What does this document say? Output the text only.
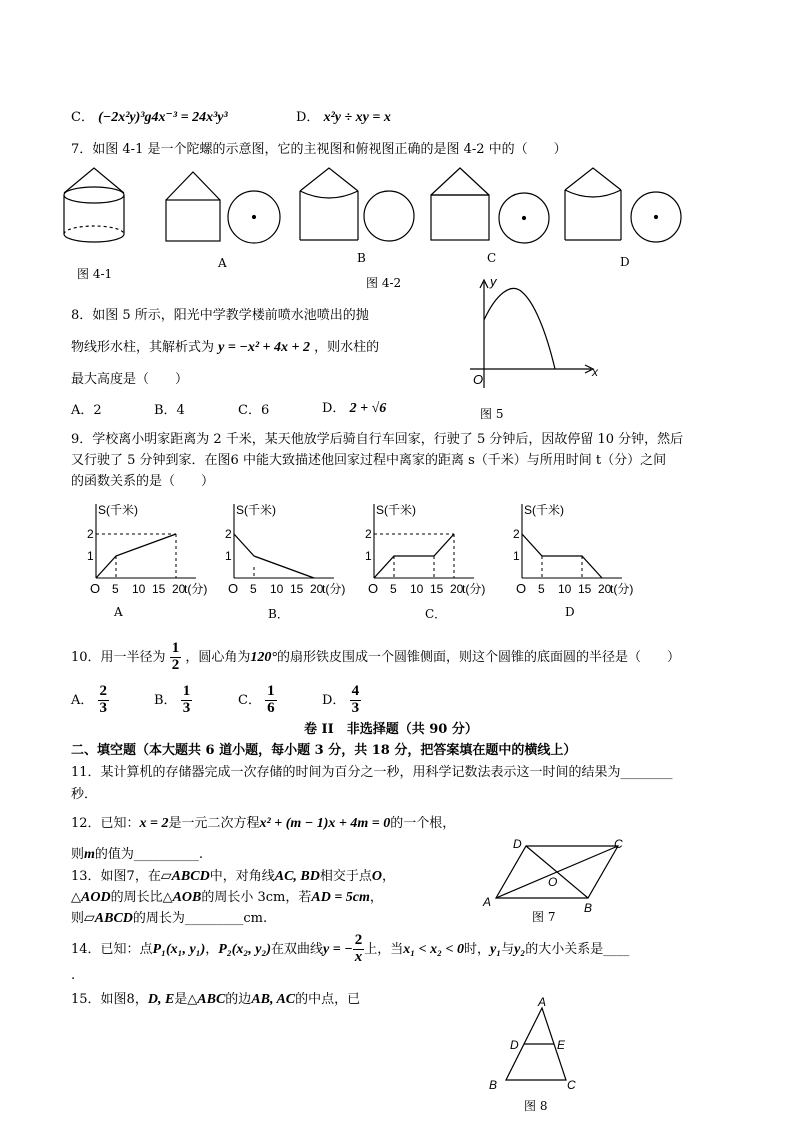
C． (−2x²y)³g4x⁻³ = 24x³y³	D． x²y ÷ xy = x
7．如图 4-1 是一个陀螺的示意图，它的主视图和俯视图正确的是图 4-2 中的（　　）
图 4-1
A	B	C	D
图 4-2
8．如图 5 所示，阳光中学教学楼前喷水池喷出的抛
物线形水柱，其解析式为 y = −x² + 4x + 2 ，则水柱的
最大高度是（　　）
A．2	B．4	C．6	D． 2 + √6
y
x
O
图 5
9．学校离小明家距离为 2 千米，某天他放学后骑自行车回家，行驶了 5 分钟后，因故停留 10 分钟，然后
又行驶了 5 分钟到家．在图6 中能大致描述他回家过程中离家的距离 s（千米）与所用时间 t（分）之间
的函数关系的是（　　）
S(千米)
2
1
O 5 10 15 20
t(分)
S(千米)
2
1
O 5 10 15 20
t(分)
S(千米)
2
1
O 5 10 15 20
t(分)
S(千米)
2
1
O 5 10 15 20
t(分)
A	B．	C．	D
10．用一半径为 $\frac{1}{2}$ ，圆心角为120°的扇形铁皮围成一个圆锥侧面，则这个圆锥的底面圆的半径是（　　）
A． $\frac{2}{3}$	B． $\frac{1}{3}$	C． $\frac{1}{6}$	D． $\frac{4}{3}$
卷 II　非选择题（共 90 分）
二、填空题（本大题共 6 道小题，每小题 3 分，共 18 分，把答案填在题中的横线上）
11．某计算机的存储器完成一次存储的时间为百分之一秒，用科学记数法表示这一时间的结果为________
秒．
12．已知：x = 2是一元二次方程x² + (m − 1)x + 4m = 0的一个根，
则m的值为__________.
13．如图7，在▱ABCD中，对角线AC, BD相交于点O，
△AOD的周长比△AOB的周长小 3cm，若AD = 5cm，
则▱ABCD的周长为_________cm.
A	B
C
D
O
图 7
14．已知：点P₁(x₁, y₁)，P₂(x₂, y₂)在双曲线y = − $\frac{2}{x}$ 上，当x₁ < x₂ < 0时，y₁与y₂的大小关系是____
.
15．如图8，D, E是△ABC的边AB, AC的中点，已	A
B	C
D	E
图 8
